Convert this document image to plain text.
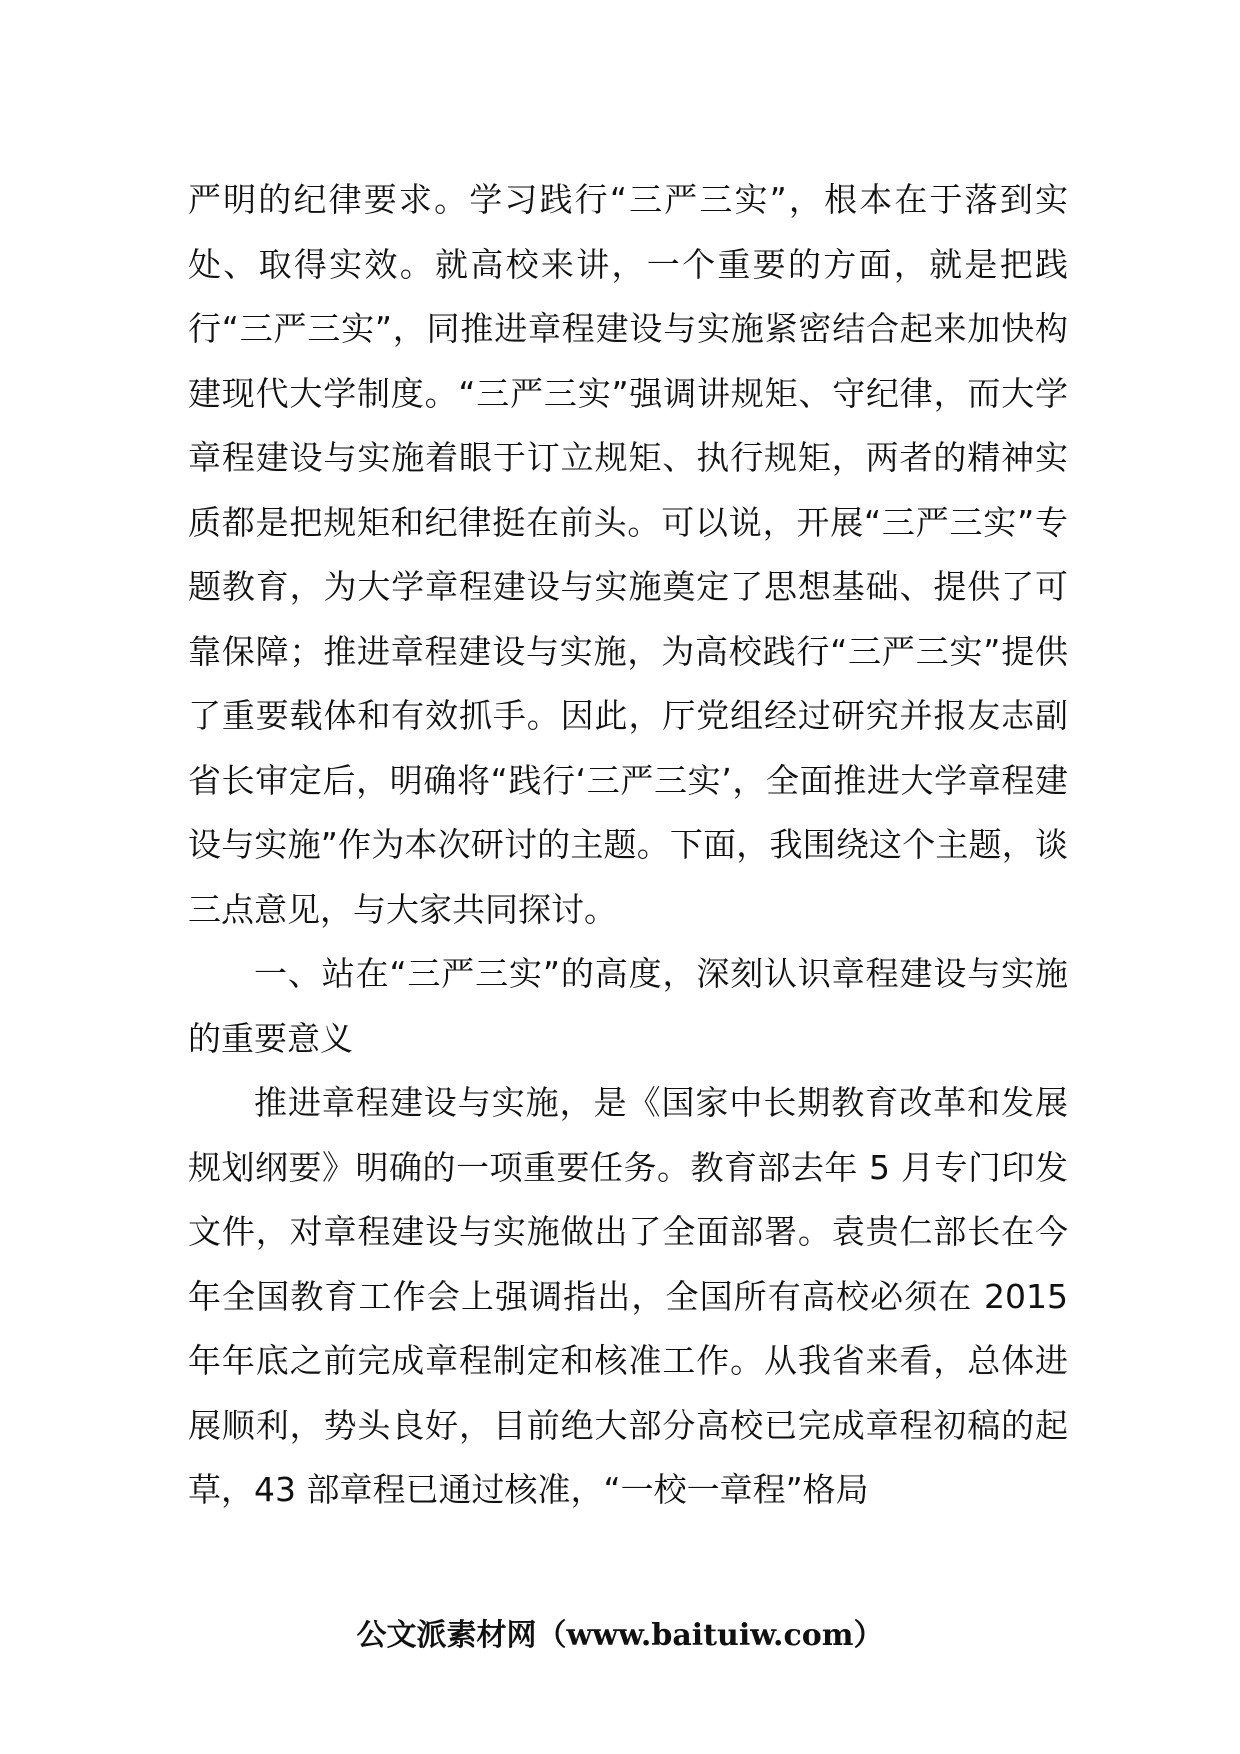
严明的纪律要求。学习践行“三严三实”，根本在于落到实处、取得实效。就高校来讲，一个重要的方面，就是把践行“三严三实”，同推进章程建设与实施紧密结合起来加快构建现代大学制度。“三严三实”强调讲规矩、守纪律，而大学章程建设与实施着眼于订立规矩、执行规矩，两者的精神实质都是把规矩和纪律挺在前头。可以说，开展“三严三实”专题教育，为大学章程建设与实施奠定了思想基础、提供了可靠保障；推进章程建设与实施，为高校践行“三严三实”提供了重要载体和有效抓手。因此，厅党组经过研究并报友志副省长审定后，明确将“践行‘三严三实’，全面推进大学章程建设与实施”作为本次研讨的主题。下面，我围绕这个主题，谈三点意见，与大家共同探讨。

一、站在“三严三实”的高度，深刻认识章程建设与实施的重要意义

推进章程建设与实施，是《国家中长期教育改革和发展规划纲要》明确的一项重要任务。教育部去年 5 月专门印发文件，对章程建设与实施做出了全面部署。袁贵仁部长在今年全国教育工作会上强调指出，全国所有高校必须在 2015 年年底之前完成章程制定和核准工作。从我省来看，总体进展顺利，势头良好，目前绝大部分高校已完成章程初稿的起草，43 部章程已通过核准，“一校一章程”格局

公文派素材网（www.baituiw.com）
